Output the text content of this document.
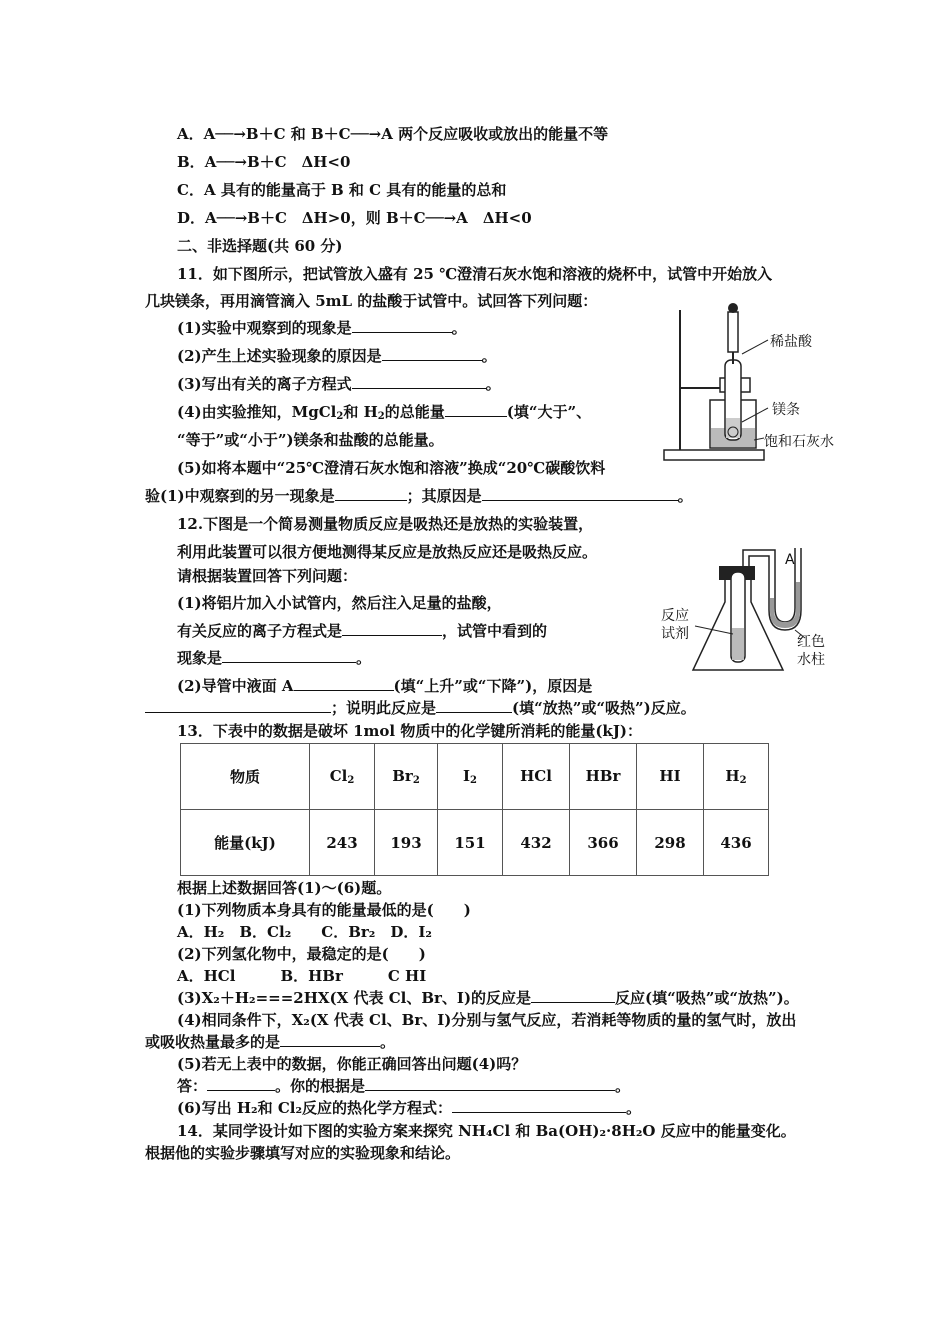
A．A──→B＋C 和 B＋C──→A 两个反应吸收或放出的能量不等
B．A──→B＋C　ΔH<0
C．A 具有的能量高于 B 和 C 具有的能量的总和
D．A──→B＋C　ΔH>0，则 B＋C──→A　ΔH<0
二、非选择题(共 60 分)
11．如下图所示，把试管放入盛有 25 ℃澄清石灰水饱和溶液的烧杯中，试管中开始放入
几块镁条，再用滴管滴入 5mL 的盐酸于试管中。试回答下列问题：
(1)实验中观察到的现象是	。
(2)产生上述实验现象的原因是	。
(3)写出有关的离子方程式	。
(4)由实验推知，MgCl$_2$和 $H_2$的总能量	(填“大于”、
“等于”或“小于”)镁条和盐酸的总能量。
(5)如将本题中“25℃澄清石灰水饱和溶液”换成“20℃碳酸饮料
验(1)中观察到的另一现象是	；其原因是	。
稀盐酸
镁条
饱和石灰水
12.下图是一个简易测量物质反应是吸热还是放热的实验装置，
利用此装置可以很方便地测得某反应是放热反应还是吸热反应。
请根据装置回答下列问题：
(1)将铝片加入小试管内，然后注入足量的盐酸，
有关反应的离子方程式是	，试管中看到的
现象是	。
(2)导管中液面 A	(填“上升”或“下降”)，原因是
；说明此反应是	(填“放热”或“吸热”)反应。
A
反应
试剂	红色
水柱
13．下表中的数据是破坏 1mol 物质中的化学键所消耗的能量(kJ)：
物质	$Cl_2$	$Br_2$	$I_2$	HCl	HBr	HI	$H_2$
能量(kJ)	243	193	151	432	366	298	436
根据上述数据回答(1)～(6)题。
(1)下列物质本身具有的能量最低的是(　　)
A．H₂　B．Cl₂　　C．Br₂　D．I₂
(2)下列氢化物中，最稳定的是(　　)
A．HCl　　　B．HBr　　　C HI
(3)X₂＋H₂===2HX(X 代表 Cl、Br、I)的反应是	反应(填“吸热”或“放热”)。
(4)相同条件下，X₂(X 代表 Cl、Br、I)分别与氢气反应，若消耗等物质的量的氢气时，放出
或吸收热量最多的是	。
(5)若无上表中的数据，你能正确回答出问题(4)吗？
答：	。你的根据是	。
(6)写出 H₂和 Cl₂反应的热化学方程式：	。
14．某同学设计如下图的实验方案来探究 NH₄Cl 和 Ba(OH)₂·8H₂O 反应中的能量变化。
根据他的实验步骤填写对应的实验现象和结论。
